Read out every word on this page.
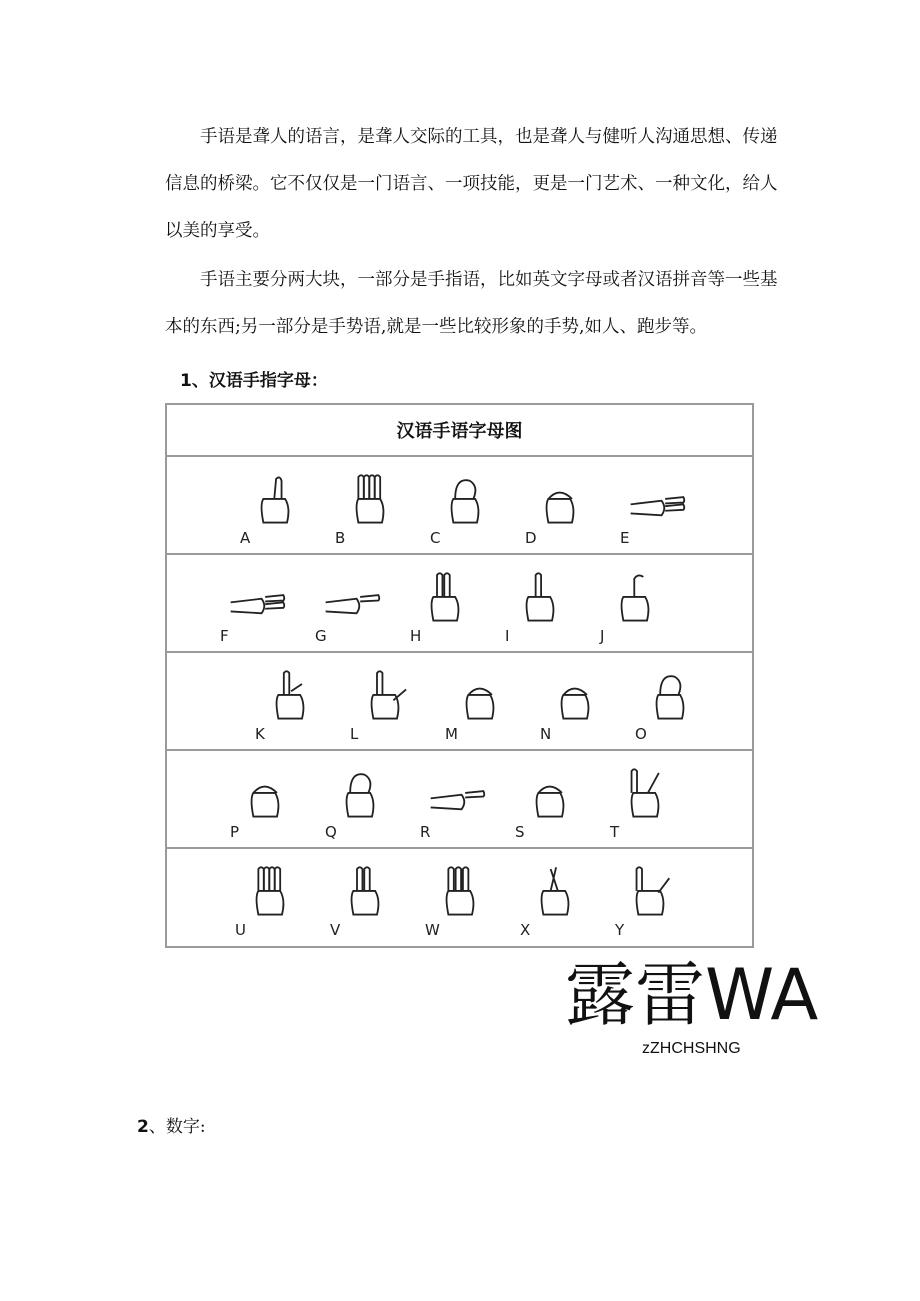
手语是聋人的语言，是聋人交际的工具，也是聋人与健听人沟通思想、传递
信息的桥梁。它不仅仅是一门语言、一项技能，更是一门艺术、一种文化，给人
以美的享受。
手语主要分两大块，一部分是手指语，比如英文字母或者汉语拼音等一些基
本的东西;另一部分是手势语,就是一些比较形象的手势,如人、跑步等。
1、汉语手指字母：
汉语手语字母图
A	B	C	D	E
F	G	H	I	J
K	L	M	N	O
P	Q	R	S	T
U	V	W	X	Y
露雷WA
zZHCHSHNG
2、数字:
